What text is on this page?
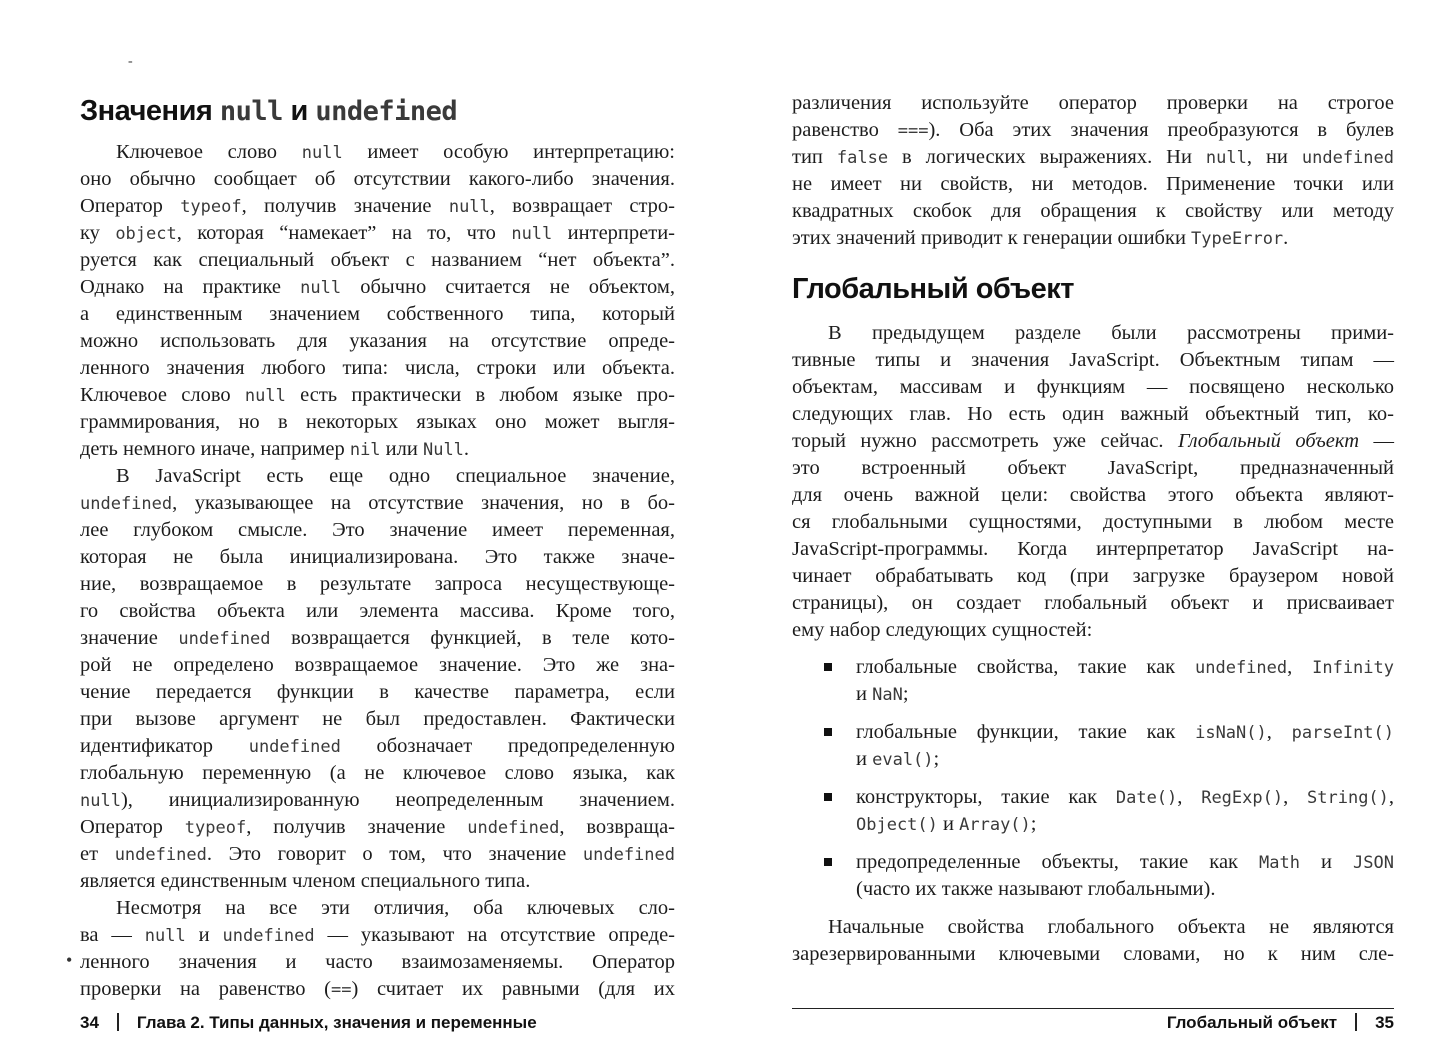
-
Значения null и undefined
Ключевое слово null имеет особую интерпретацию:
оно обычно сообщает об отсутствии какого-либо значения.
Оператор typeof, получив значение null, возвращает стро-
ку object, которая “намекает” на то, что null интерпрети-
руется как специальный объект с названием “нет объекта”.
Однако на практике null обычно считается не объектом,
а единственным значением собственного типа, который
можно использовать для указания на отсутствие опреде-
ленного значения любого типа: числа, строки или объекта.
Ключевое слово null есть практически в любом языке про-
граммирования, но в некоторых языках оно может выгля-
деть немного иначе, например nil или Null.
В JavaScript есть еще одно специальное значение,
undefined, указывающее на отсутствие значения, но в бо-
лее глубоком смысле. Это значение имеет переменная,
которая не была инициализирована. Это также значе-
ние, возвращаемое в результате запроса несуществующе-
го свойства объекта или элемента массива. Кроме того,
значение undefined возвращается функцией, в теле кото-
рой не определено возвращаемое значение. Это же зна-
чение передается функции в качестве параметра, если
при вызове аргумент не был предоставлен. Фактически
идентификатор undefined обозначает предопределенную
глобальную переменную (а не ключевое слово языка, как
null), инициализированную неопределенным значением.
Оператор typeof, получив значение undefined, возвраща-
ет undefined. Это говорит о том, что значение undefined
является единственным членом специального типа.
Несмотря на все эти отличия, оба ключевых сло-
ва — null и undefined — указывают на отсутствие опреде-
ленного значения и часто взаимозаменяемы. Оператор
проверки на равенство (==) считает их равными (для их
•
34 Глава 2. Типы данных, значения и переменные
различения используйте оператор проверки на строгое
равенство ===). Оба этих значения преобразуются в булев
тип false в логических выражениях. Ни null, ни undefined
не имеет ни свойств, ни методов. Применение точки или
квадратных скобок для обращения к свойству или методу
этих значений приводит к генерации ошибки TypeError.
Глобальный объект
В предыдущем разделе были рассмотрены прими-
тивные типы и значения JavaScript. Объектным типам —
объектам, массивам и функциям — посвящено несколько
следующих глав. Но есть один важный объектный тип, ко-
торый нужно рассмотреть уже сейчас. Глобальный объект —
это встроенный объект JavaScript, предназначенный
для очень важной цели: свойства этого объекта являют-
ся глобальными сущностями, доступными в любом месте
JavaScript-программы. Когда интерпретатор JavaScript на-
чинает обрабатывать код (при загрузке браузером новой
страницы), он создает глобальный объект и присваивает
ему набор следующих сущностей:
глобальные свойства, такие как undefined, Infinity
и NaN;
глобальные функции, такие как isNaN(), parseInt()
и eval();
конструкторы, такие как Date(), RegExp(), String(),
Object() и Array();
предопределенные объекты, такие как Math и JSON
(часто их также называют глобальными).
Начальные свойства глобального объекта не являются
зарезервированными ключевыми словами, но к ним сле-
Глобальный объект 35
